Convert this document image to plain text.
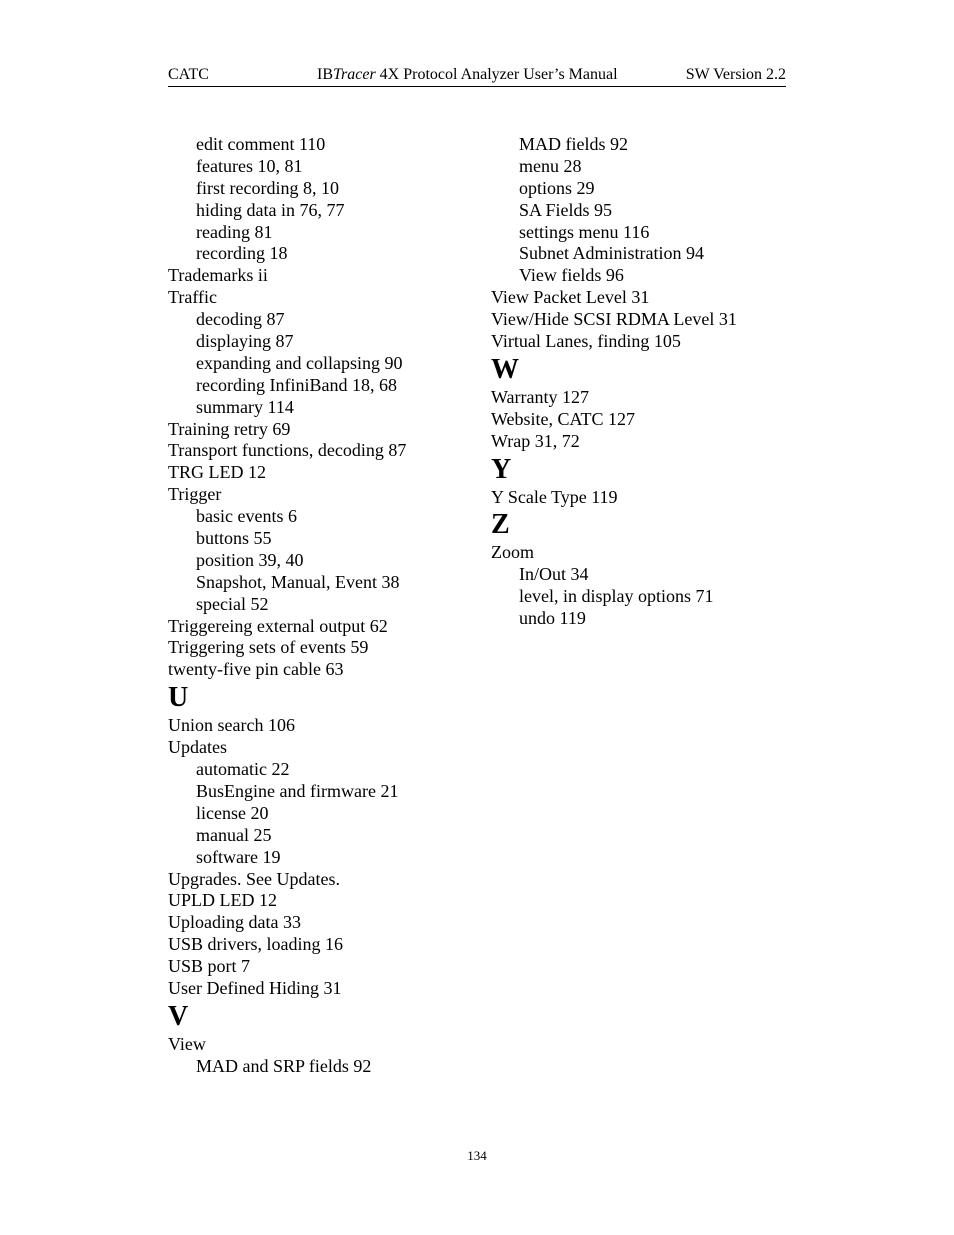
CATC	IBTracer 4X Protocol Analyzer User’s Manual	SW Version 2.2
edit comment 110
features 10, 81
first recording 8, 10
hiding data in 76, 77
reading 81
recording 18
Trademarks ii
Traffic
decoding 87
displaying 87
expanding and collapsing 90
recording InfiniBand 18, 68
summary 114
Training retry 69
Transport functions, decoding 87
TRG LED 12
Trigger
basic events 6
buttons 55
position 39, 40
Snapshot, Manual, Event 38
special 52
Triggereing external output 62
Triggering sets of events 59
twenty-five pin cable 63
U
Union search 106
Updates
automatic 22
BusEngine and firmware 21
license 20
manual 25
software 19
Upgrades. See Updates.
UPLD LED 12
Uploading data 33
USB drivers, loading 16
USB port 7
User Defined Hiding 31
V
View
MAD and SRP fields 92
MAD fields 92
menu 28
options 29
SA Fields 95
settings menu 116
Subnet Administration 94
View fields 96
View Packet Level 31
View/Hide SCSI RDMA Level 31
Virtual Lanes, finding 105
W
Warranty 127
Website, CATC 127
Wrap 31, 72
Y
Y Scale Type 119
Z
Zoom
In/Out 34
level, in display options 71
undo 119
134
